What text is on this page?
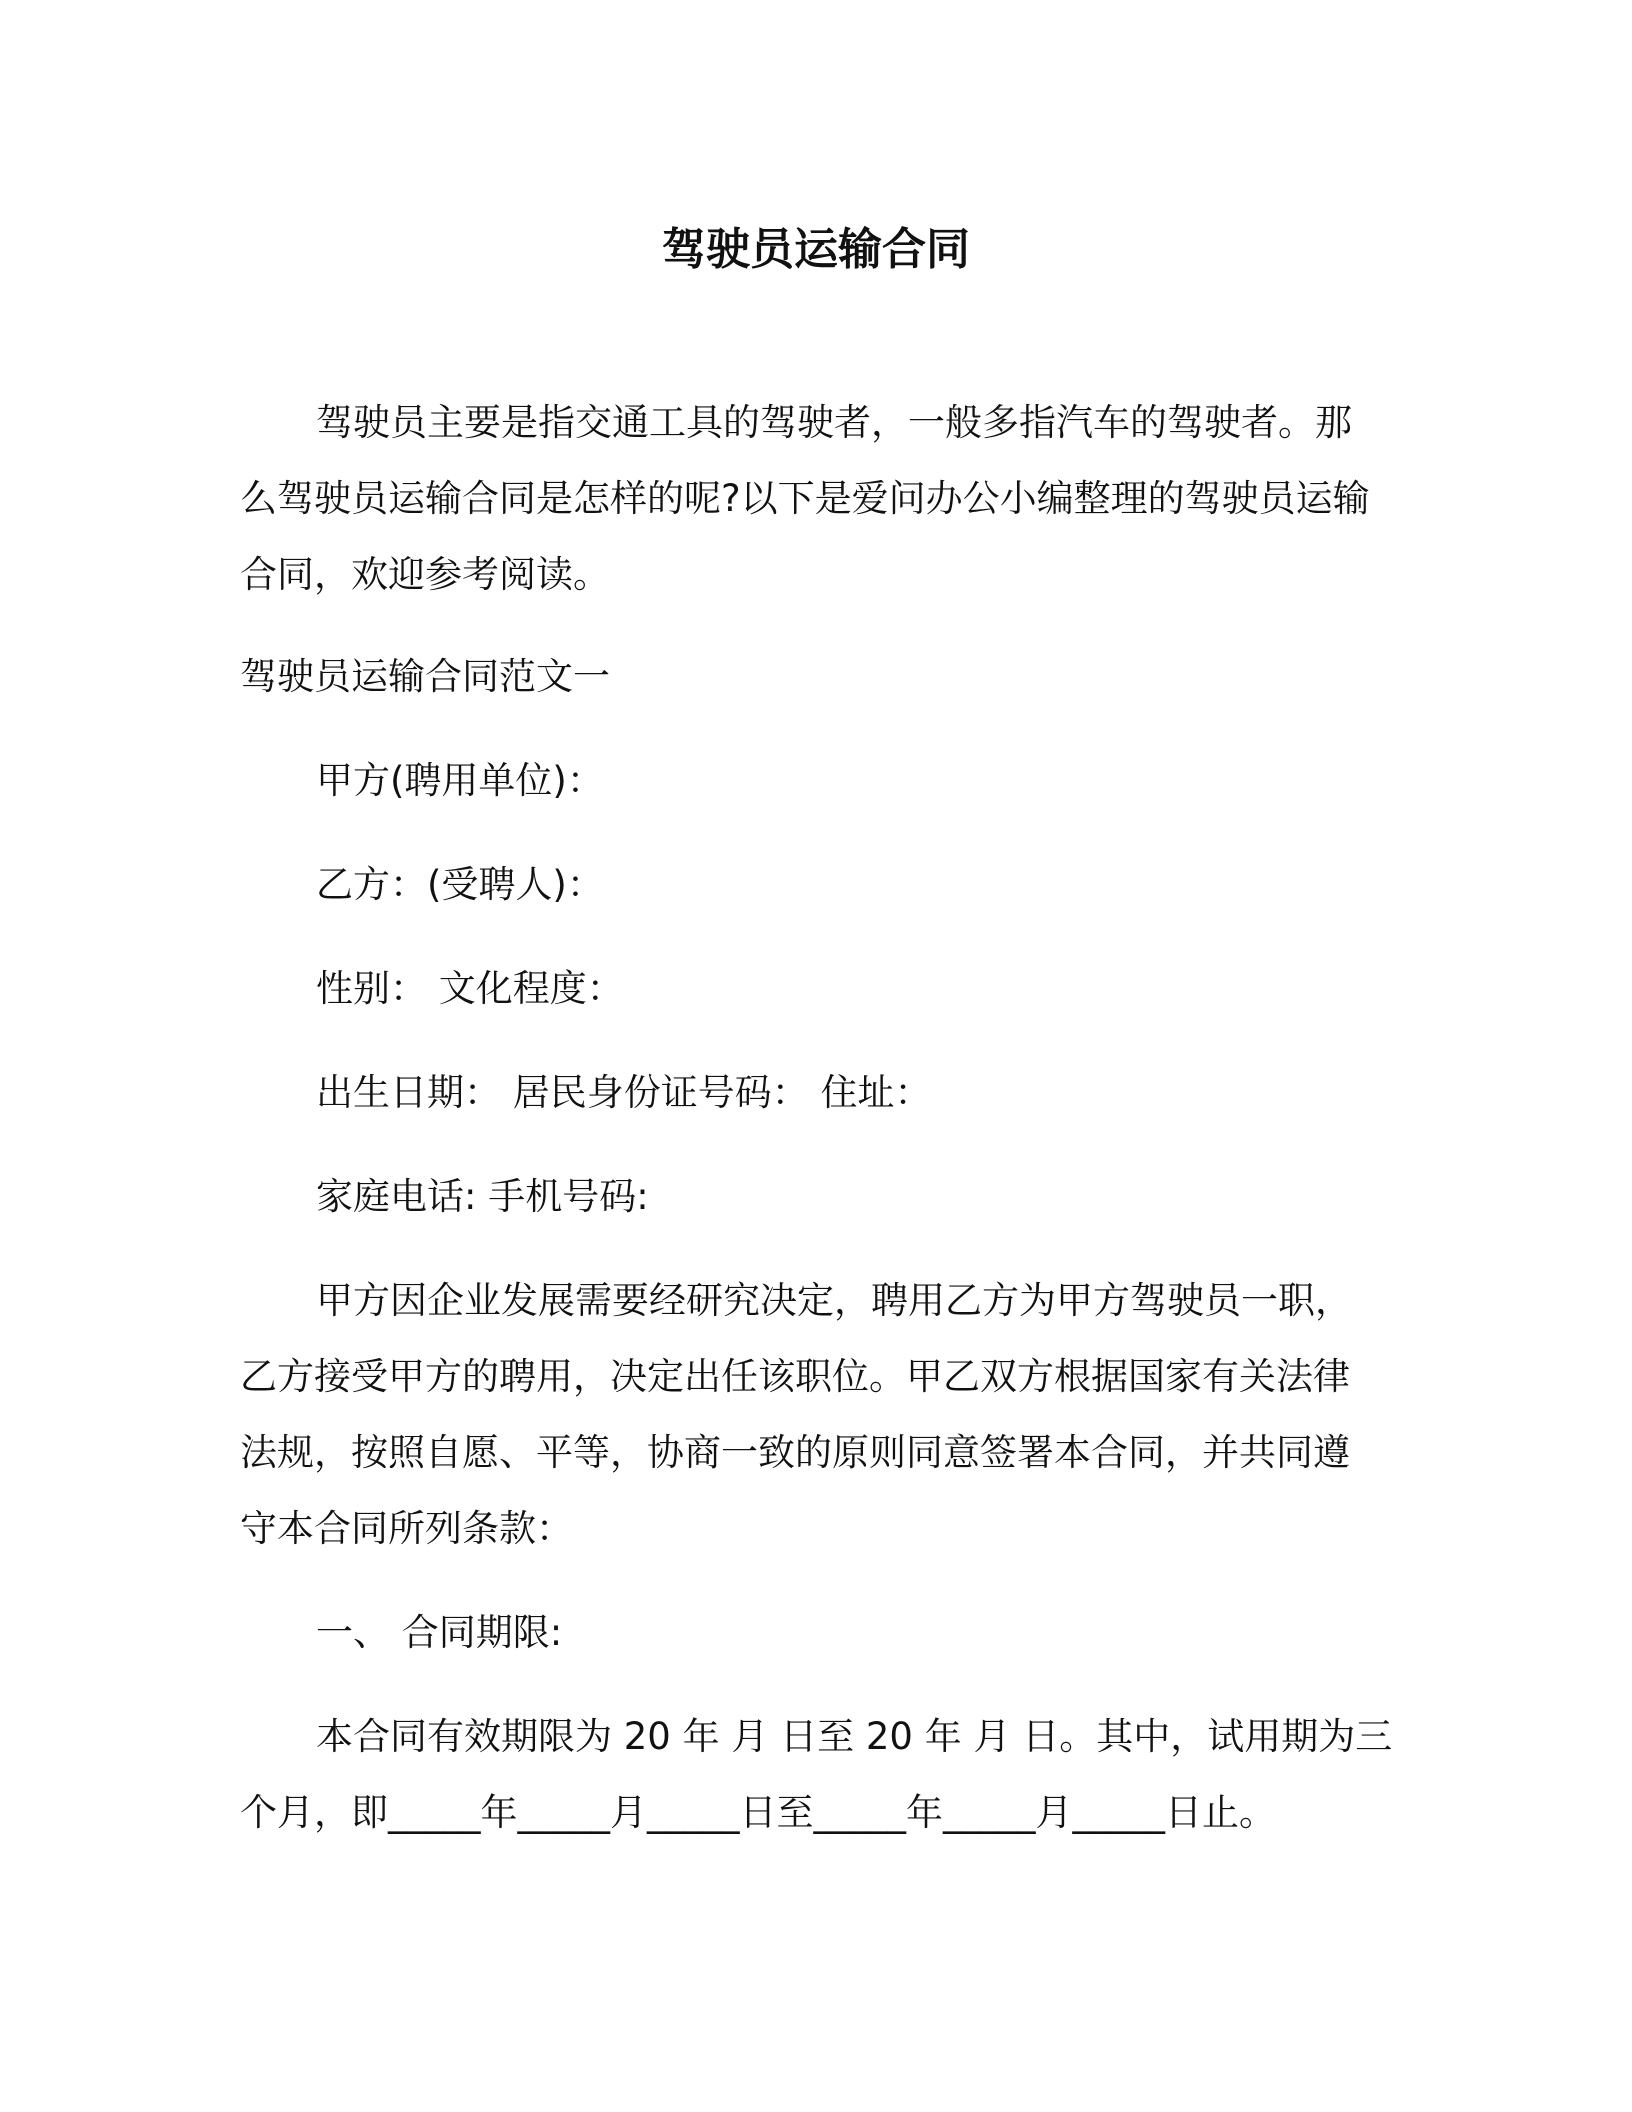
驾驶员运输合同
驾驶员主要是指交通工具的驾驶者，一般多指汽车的驾驶者。那
么驾驶员运输合同是怎样的呢?以下是爱问办公小编整理的驾驶员运输
合同，欢迎参考阅读。
驾驶员运输合同范文一
甲方(聘用单位)：
乙方：(受聘人)：
性别： 文化程度：
出生日期： 居民身份证号码： 住址：
家庭电话: 手机号码:
甲方因企业发展需要经研究决定，聘用乙方为甲方驾驶员一职，
乙方接受甲方的聘用，决定出任该职位。甲乙双方根据国家有关法律
法规，按照自愿、平等，协商一致的原则同意签署本合同，并共同遵
守本合同所列条款：
一、 合同期限:
本合同有效期限为 20 年 月 日至 20 年 月 日。其中，试用期为三
个月，即_____年_____月_____日至_____年_____月_____日止。
